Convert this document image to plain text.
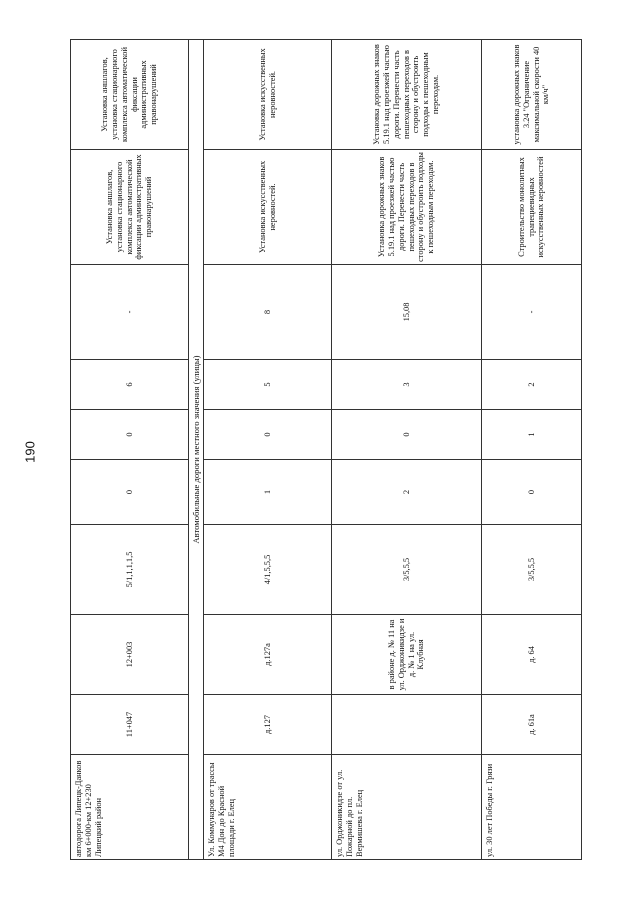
190
автодорога Липецк-Данков км 6+000-км 12+230 Липецкий район	11+047	12+003	5/1,1,1,1,5	0	0	6	-	Установка аншлагов, установка стационарного комплекса автоматической фиксации административных правонарушений	Установка аншлагов, установка стационарного комплекса автоматической фиксации административных правонарушений
Автомобильные дороги местного значения (улицы)									
Ул. Коммунаров от трассы М4 Дон до Красной площади г. Елец	д.127	д.127а	4/1,5,5,5	1	0	5	8	Установка искусственных неровностей.	Установка искусственных неровностей.
ул. Орджоникидзе от ул. Пожарной до пл. Вермишева г. Елец		в районе д. № 11 на ул. Орджоникидзе и д. № 1 на ул. Клубная	3/5,5,5	2	0	3	15,08	Установка дорожных знаков 5.19.1 над проезжей частью дороги. Перенести часть пешеходных переходов в сторону и обустроить подходы к пешеходным переходам.	Установка дорожных знаков 5.19.1 над проезжей частью дороги. Перенести часть пешеходных переходов в сторону и обустроить подходы к пешеходным переходам.
ул. 30 лет Победы г. Грязи	д. 61а	д. 64	3/5,5,5	0	1	2	-	Строительство монолитных трапециевидных искусственных неровностей	установка дорожных знаков 3.24 "Ограничение максимальной скорости 40 км/ч"
